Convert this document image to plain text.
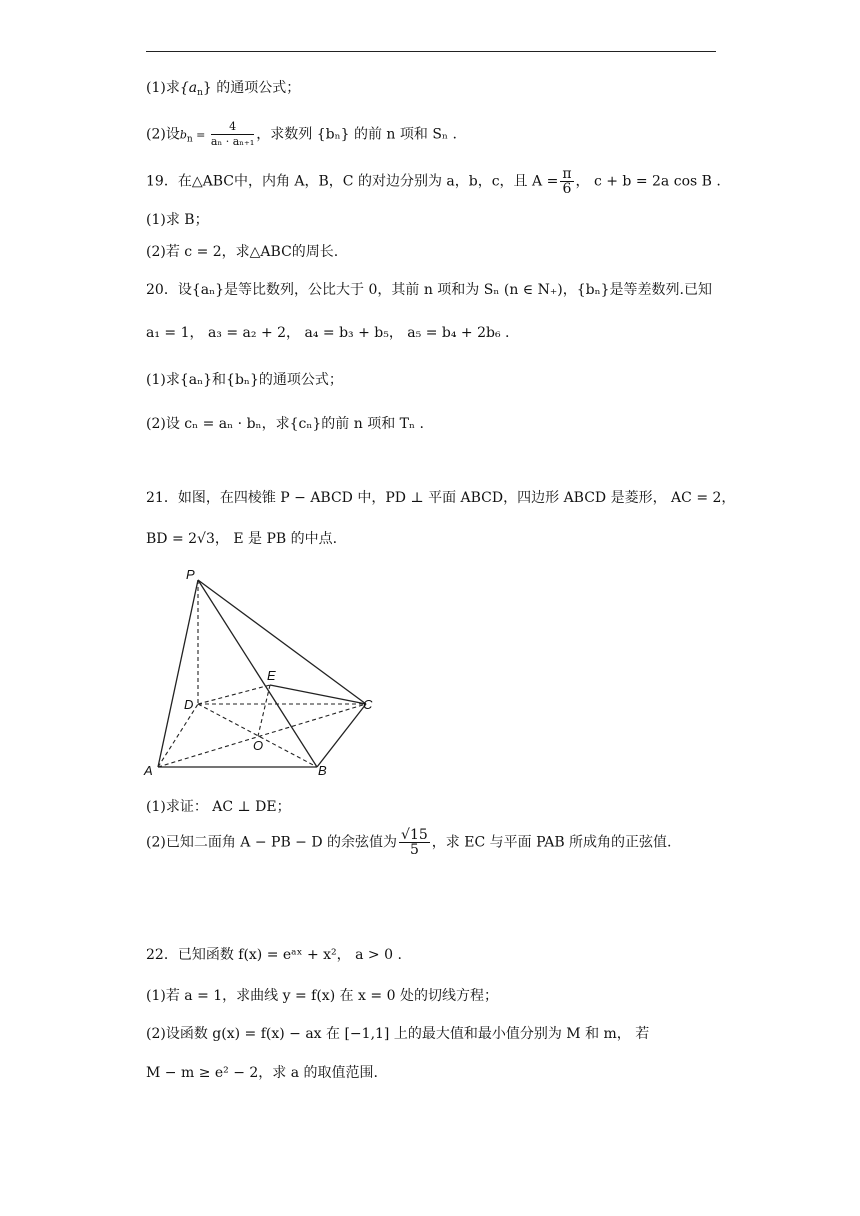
(1)求$\{a_n\}$ 的通项公式；
(2)设$b_n = \frac{4}{\text{aₙ · aₙ₊₁}}$ ，求数列 {bₙ} 的前 n 项和 Sₙ .
19．在△ABC中，内角 A，B，C 的对边分别为 a，b，c，且 $A = \frac{\pi}{6}$ ， c + b = 2a cos B .
(1)求 B；
(2)若 c = 2，求△ABC的周长.
20．设{aₙ}是等比数列，公比大于 0，其前 n 项和为 Sₙ (n ∈ N₊)，{bₙ}是等差数列.已知
a₁ = 1， a₃ = a₂ + 2， a₄ = b₃ + b₅， a₅ = b₄ + 2b₆ .
(1)求{aₙ}和{bₙ}的通项公式；
(2)设 cₙ = aₙ · bₙ，求{cₙ}的前 n 项和 Tₙ .
21．如图，在四棱锥 P − ABCD 中，PD ⊥ 平面 ABCD，四边形 ABCD 是菱形， AC = 2，
BD = 2√3， E 是 PB 的中点.
P
D
E
C
O
A	B
(1)求证： AC ⊥ DE；
(2)已知二面角 A − PB − D 的余弦值为 $\frac{√15}{5}$ ，求 EC 与平面 PAB 所成角的正弦值.
22．已知函数 f(x) = eᵃˣ + x²， a > 0 .
(1)若 a = 1，求曲线 y = f(x) 在 x = 0 处的切线方程；
(2)设函数 g(x) = f(x) − ax 在 [−1,1] 上的最大值和最小值分别为 M 和 m， 若
M − m ≥ e² − 2，求 a 的取值范围.
